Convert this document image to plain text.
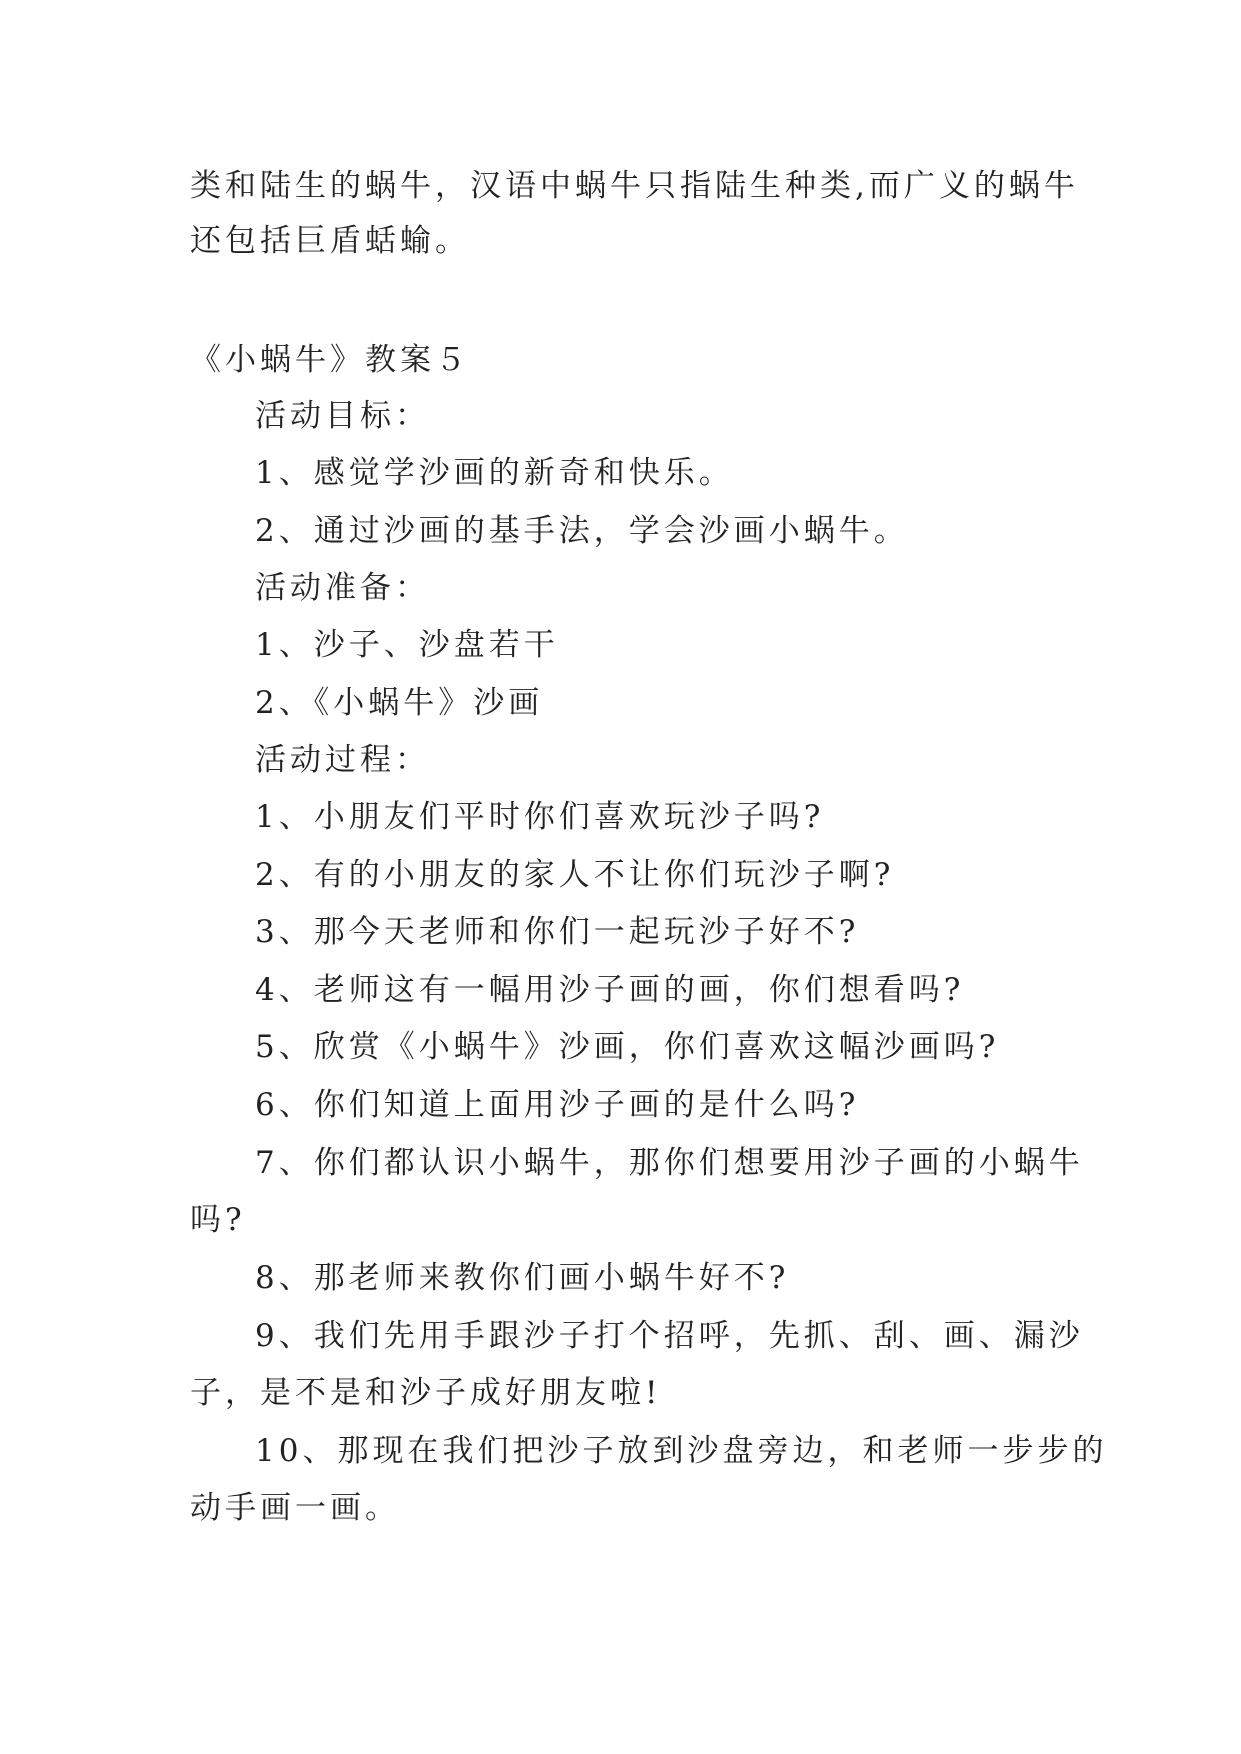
类和陆生的蜗牛，汉语中蜗牛只指陆生种类,而广义的蜗牛
还包括巨盾蛞蝓。
《小蜗牛》教案５
活动目标：
1、感觉学沙画的新奇和快乐。
2、通过沙画的基手法，学会沙画小蜗牛。
活动准备：
1、沙子、沙盘若干
2、《小蜗牛》沙画
活动过程：
1、小朋友们平时你们喜欢玩沙子吗?
2、有的小朋友的家人不让你们玩沙子啊?
3、那今天老师和你们一起玩沙子好不?
4、老师这有一幅用沙子画的画，你们想看吗?
5、欣赏《小蜗牛》沙画，你们喜欢这幅沙画吗?
6、你们知道上面用沙子画的是什么吗?
7、你们都认识小蜗牛，那你们想要用沙子画的小蜗牛
吗?
8、那老师来教你们画小蜗牛好不?
9、我们先用手跟沙子打个招呼，先抓、刮、画、漏沙
子，是不是和沙子成好朋友啦!
10、那现在我们把沙子放到沙盘旁边，和老师一步步的
动手画一画。
